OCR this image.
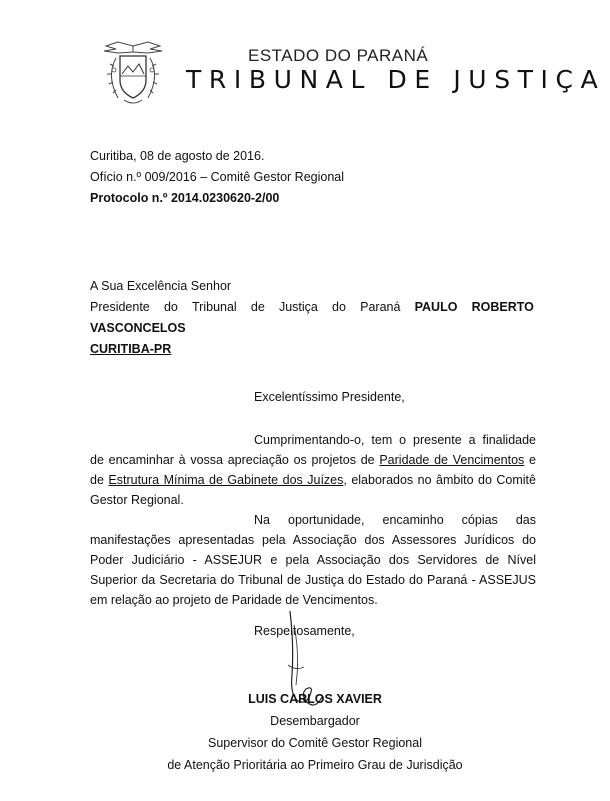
ESTADO DO PARANÁ
TRIBUNAL DE JUSTIÇA
Curitiba, 08 de agosto de 2016.
Ofício n.º 009/2016 – Comitê Gestor Regional
Protocolo n.º 2014.0230620-2/00
A Sua Excelência Senhor
Presidente do Tribunal de Justiça do Paraná PAULO ROBERTO
VASCONCELOS
CURITIBA-PR
Excelentíssimo Presidente,

Cumprimentando-o, tem o presente a finalidade de encaminhar à vossa apreciação os projetos de Paridade de Vencimentos e de Estrutura Mínima de Gabinete dos Juízes, elaborados no âmbito do Comitê Gestor Regional.

Na oportunidade, encaminho cópias das manifestações apresentadas pela Associação dos Assessores Jurídicos do Poder Judiciário - ASSEJUR e pela Associação dos Servidores de Nível Superior da Secretaria do Tribunal de Justiça do Estado do Paraná - ASSEJUS em relação ao projeto de Paridade de Vencimentos.

Respeitosamente,
LUIS CARLOS XAVIER
Desembargador
Supervisor do Comitê Gestor Regional
de Atenção Prioritária ao Primeiro Grau de Jurisdição
